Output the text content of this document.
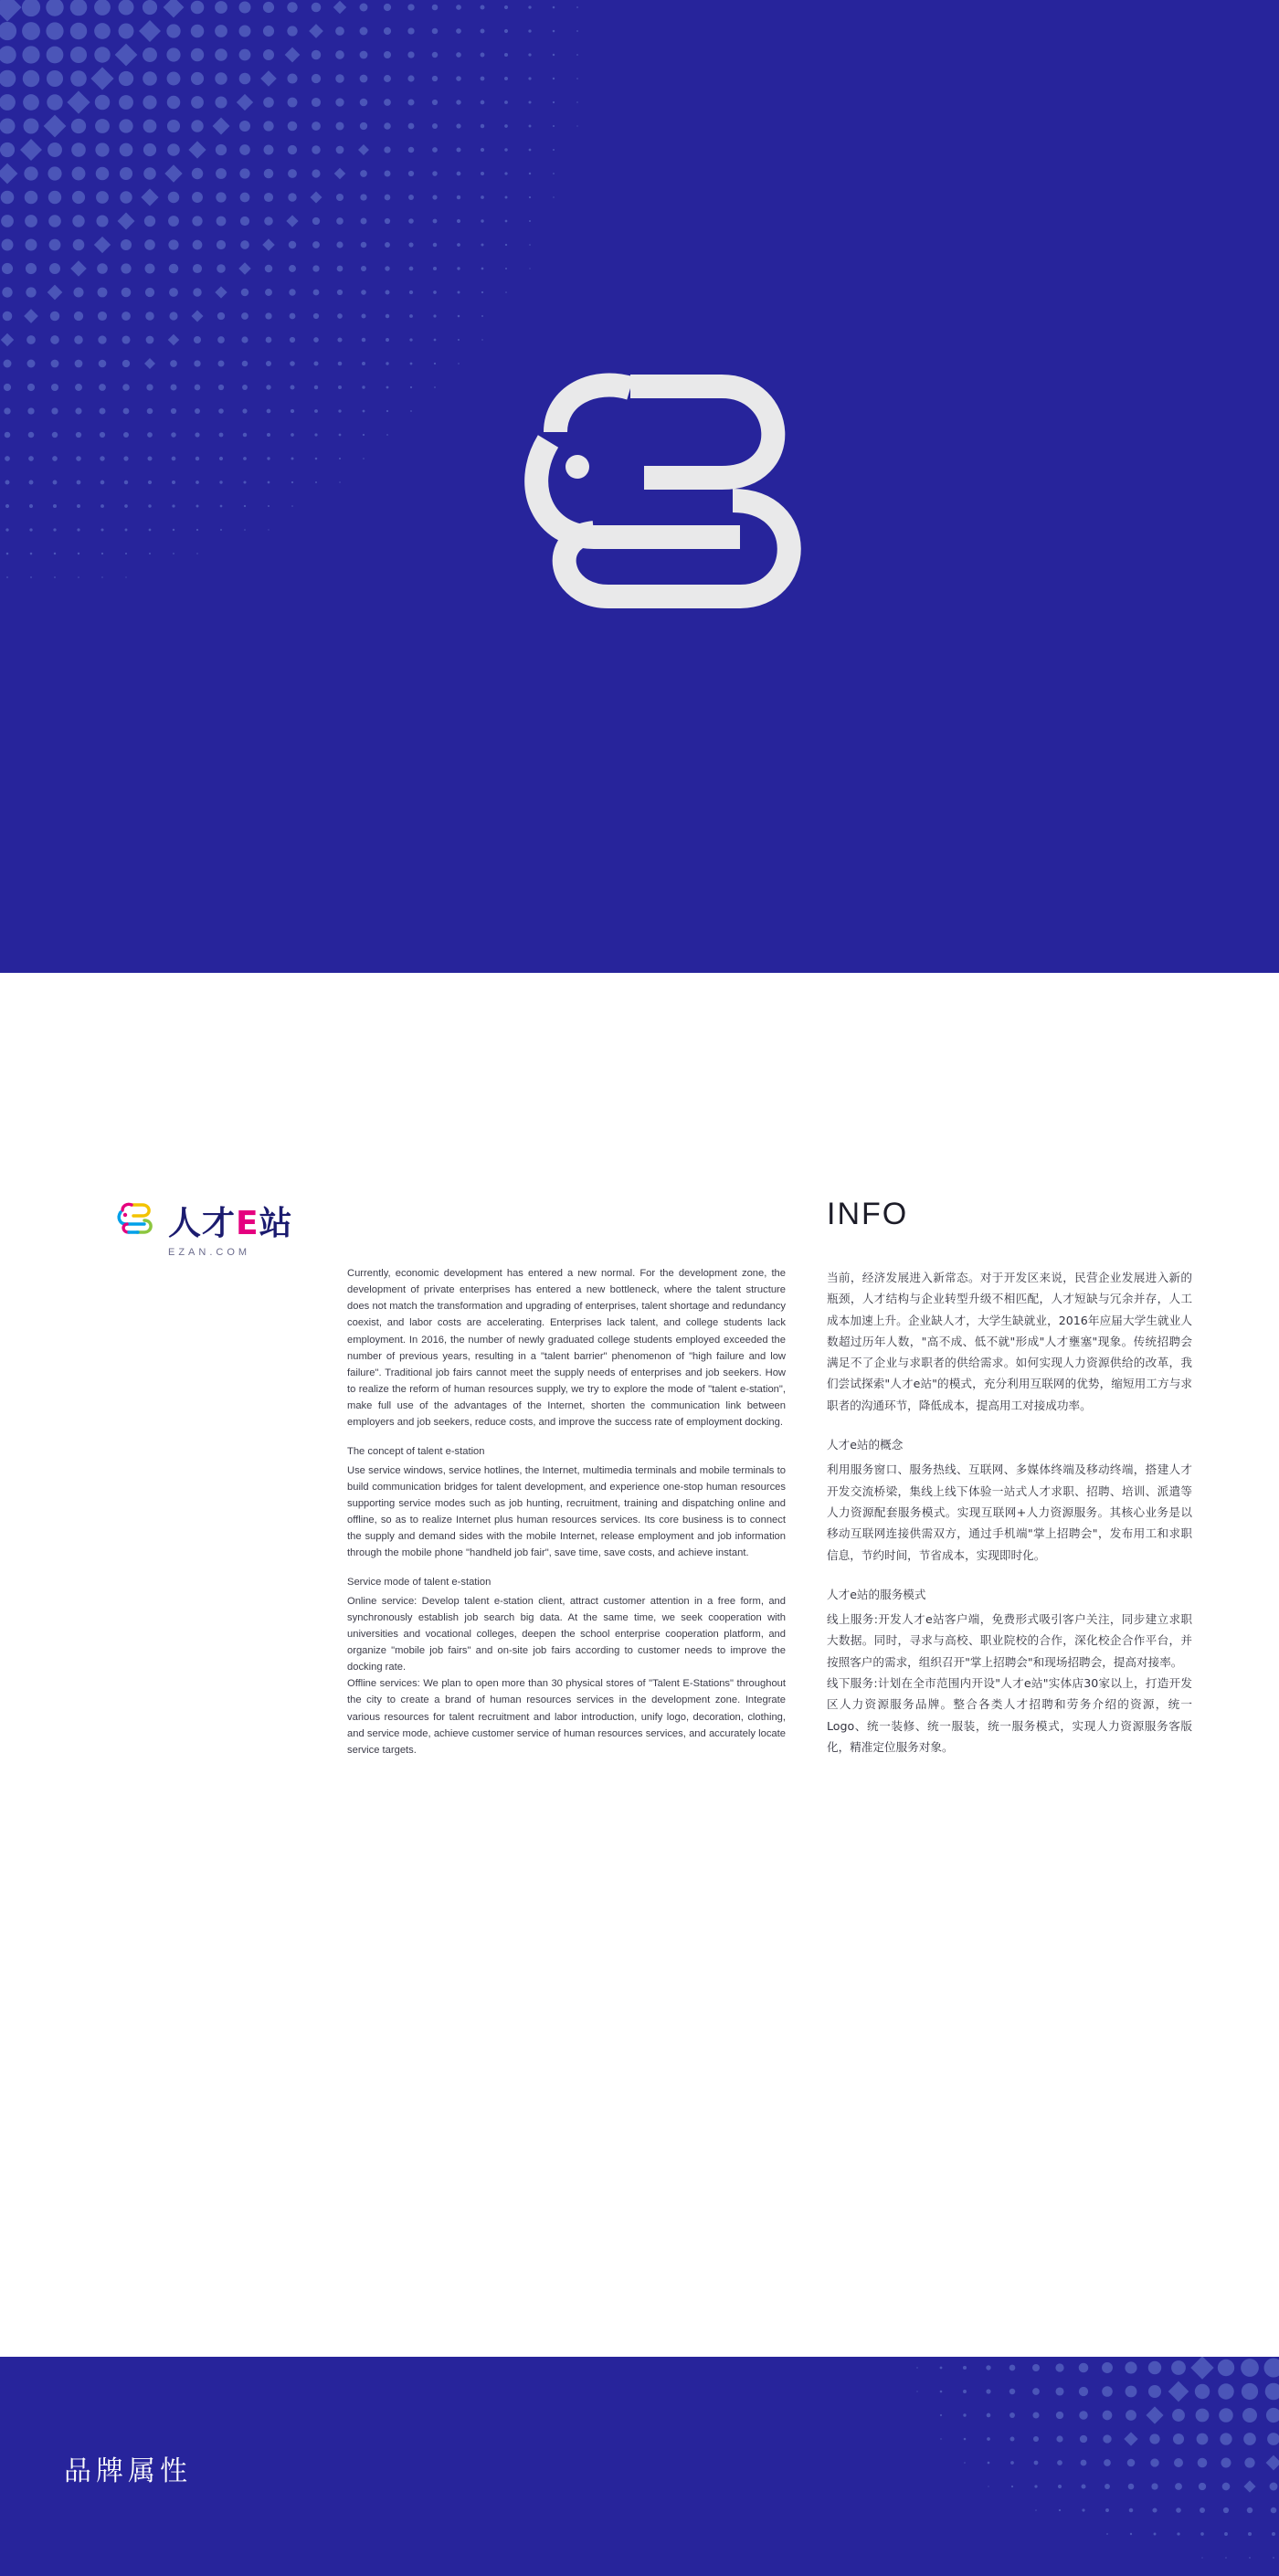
人才E站
EZAN.COM

Currently, economic development has entered a new normal. For the development zone, the development of private enterprises has entered a new bottleneck, where the talent structure does not match the transformation and upgrading of enterprises, talent shortage and redundancy coexist, and labor costs are accelerating. Enterprises lack talent, and college students lack employment. In 2016, the number of newly graduated college students employed exceeded the number of previous years, resulting in a "talent barrier" phenomenon of "high failure and low failure". Traditional job fairs cannot meet the supply needs of enterprises and job seekers. How to realize the reform of human resources supply, we try to explore the mode of "talent e-station", make full use of the advantages of the Internet, shorten the communication link between employers and job seekers, reduce costs, and improve the success rate of employment docking.

The concept of talent e-station

Use service windows, service hotlines, the Internet, multimedia terminals and mobile terminals to build communication bridges for talent development, and experience one-stop human resources supporting service modes such as job hunting, recruitment, training and dispatching online and offline, so as to realize Internet plus human resources services. Its core business is to connect the supply and demand sides with the mobile Internet, release employment and job information through the mobile phone "handheld job fair", save time, save costs, and achieve instant.

Service mode of talent e-station

Online service: Develop talent e-station client, attract customer attention in a free form, and synchronously establish job search big data. At the same time, we seek cooperation with universities and vocational colleges, deepen the school enterprise cooperation platform, and organize "mobile job fairs" and on-site job fairs according to customer needs to improve the docking rate.

Offline services: We plan to open more than 30 physical stores of "Talent E-Stations" throughout the city to create a brand of human resources services in the development zone. Integrate various resources for talent recruitment and labor introduction, unify logo, decoration, clothing, and service mode, achieve customer service of human resources services, and accurately locate service targets.

INFO

当前，经济发展进入新常态。对于开发区来说，民营企业发展进入新的瓶颈，人才结构与企业转型升级不相匹配，人才短缺与冗余并存，人工成本加速上升。企业缺人才，大学生缺就业，2016年应届大学生就业人数超过历年人数，"高不成、低不就"形成"人才壅塞"现象。传统招聘会满足不了企业与求职者的供给需求。如何实现人力资源供给的改革，我们尝试探索"人才e站"的模式，充分利用互联网的优势，缩短用工方与求职者的沟通环节，降低成本，提高用工对接成功率。

人才e站的概念

利用服务窗口、服务热线、互联网、多媒体终端及移动终端，搭建人才开发交流桥梁，集线上线下体验一站式人才求职、招聘、培训、派遣等人力资源配套服务模式。实现互联网+人力资源服务。其核心业务是以移动互联网连接供需双方，通过手机端"掌上招聘会"，发布用工和求职信息，节约时间，节省成本，实现即时化。

人才e站的服务模式

线上服务:开发人才e站客户端，免费形式吸引客户关注，同步建立求职大数据。同时，寻求与高校、职业院校的合作，深化校企合作平台，并按照客户的需求，组织召开"掌上招聘会"和现场招聘会，提高对接率。

线下服务:计划在全市范围内开设"人才e站"实体店30家以上，打造开发区人力资源服务品牌。整合各类人才招聘和劳务介绍的资源，统一Logo、统一装修、统一服装，统一服务模式，实现人力资源服务客版化，精准定位服务对象。

品牌属性
